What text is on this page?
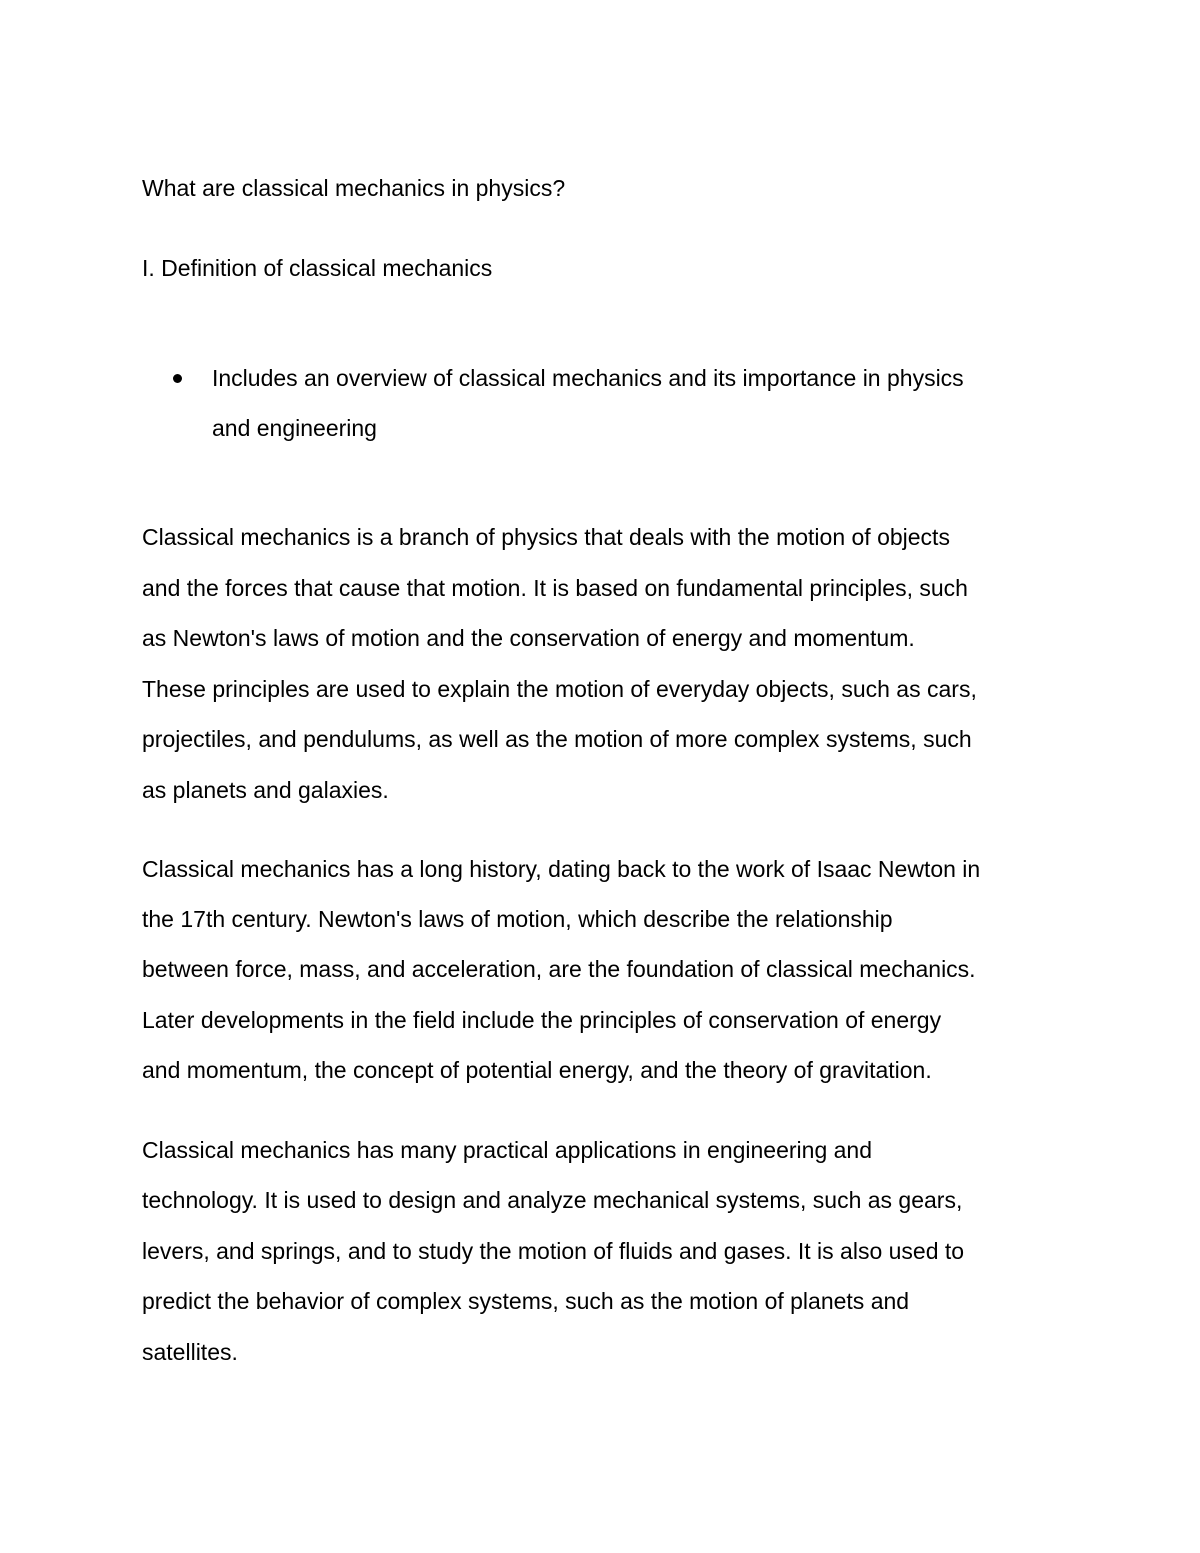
What are classical mechanics in physics?
I. Definition of classical mechanics
Includes an overview of classical mechanics and its importance in physics
and engineering
Classical mechanics is a branch of physics that deals with the motion of objects
and the forces that cause that motion. It is based on fundamental principles, such
as Newton's laws of motion and the conservation of energy and momentum.
These principles are used to explain the motion of everyday objects, such as cars,
projectiles, and pendulums, as well as the motion of more complex systems, such
as planets and galaxies.
Classical mechanics has a long history, dating back to the work of Isaac Newton in
the 17th century. Newton's laws of motion, which describe the relationship
between force, mass, and acceleration, are the foundation of classical mechanics.
Later developments in the field include the principles of conservation of energy
and momentum, the concept of potential energy, and the theory of gravitation.
Classical mechanics has many practical applications in engineering and
technology. It is used to design and analyze mechanical systems, such as gears,
levers, and springs, and to study the motion of fluids and gases. It is also used to
predict the behavior of complex systems, such as the motion of planets and
satellites.
